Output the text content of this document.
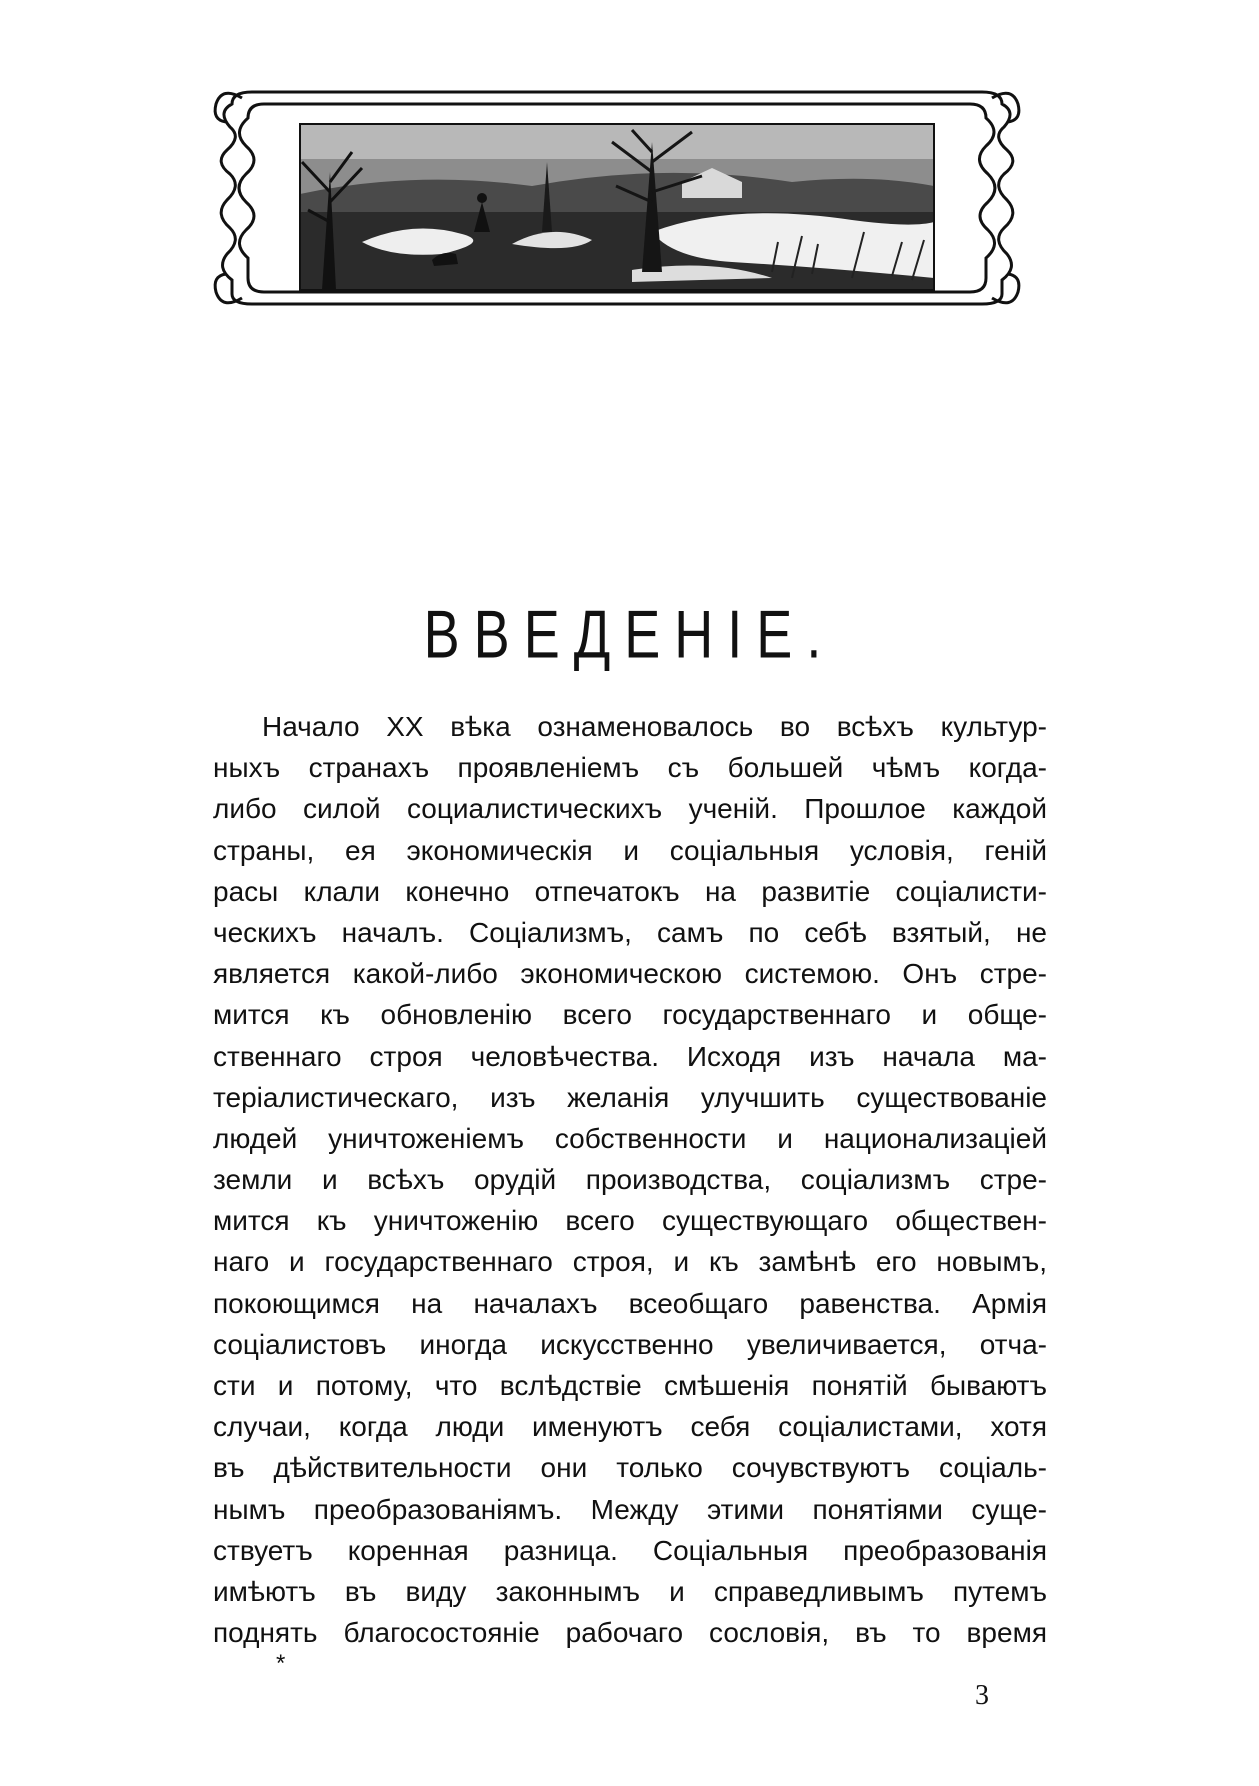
ВВЕДЕНІЕ.
Начало XX вѣка ознаменовалось во всѣхъ культур-
ныхъ странахъ проявленіемъ съ большей чѣмъ когда-
либо силой социалистическихъ ученій. Прошлое каждой
страны, ея экономическія и соціальныя условія, геній
расы клали конечно отпечатокъ на развитіе соціалисти-
ческихъ началъ. Соціализмъ, самъ по себѣ взятый, не
является какой-либо экономическою системою. Онъ стре-
мится къ обновленію всего государственнаго и обще-
ственнаго строя человѣчества. Исходя изъ начала ма-
теріалистическаго, изъ желанія улучшить существованіе
людей уничтоженіемъ собственности и национализаціей
земли и всѣхъ орудій производства, соціализмъ стре-
мится къ уничтоженію всего существующаго обществен-
наго и государственнаго строя, и къ замѣнѣ его новымъ,
покоющимся на началахъ всеобщаго равенства. Армія
соціалистовъ иногда искусственно увеличивается, отча-
сти и потому, что вслѣдствіе смѣшенія понятій бываютъ
случаи, когда люди именуютъ себя соціалистами, хотя
въ дѣйствительности они только сочувствуютъ соціаль-
нымъ преобразованіямъ. Между этими понятіями суще-
ствуетъ коренная разница. Соціальныя преобразованія
имѣютъ въ виду законнымъ и справедливымъ путемъ
поднять благосостояніе рабочаго сословія, въ то время
*
3
